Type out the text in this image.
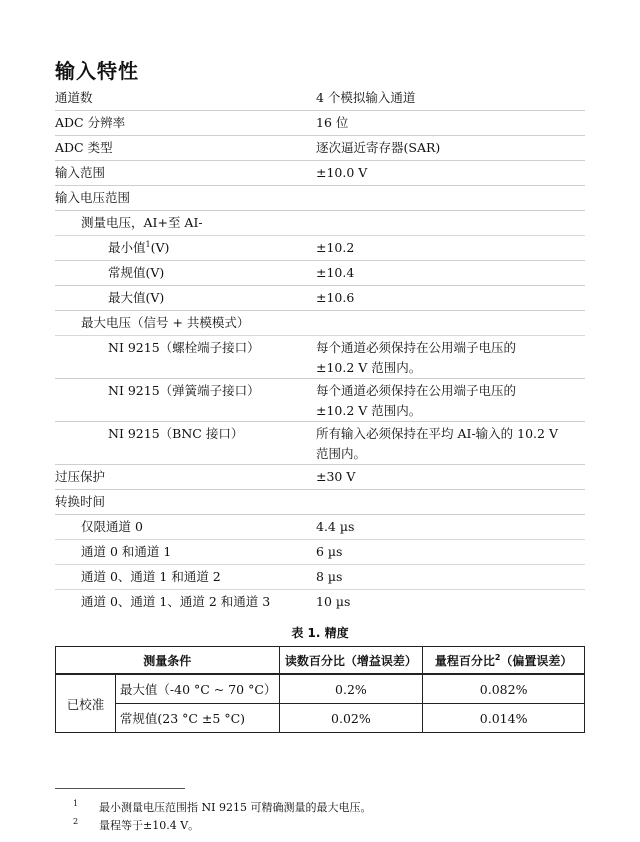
输入特性
通道数	4 个模拟输入通道
ADC 分辨率	16 位
ADC 类型	逐次逼近寄存器(SAR)
输入范围	±10.0 V
输入电压范围
测量电压，AI+至 AI-
最小值$^1$(V)	±10.2
常规值(V)	±10.4
最大值(V)	±10.6
最大电压（信号 + 共模模式）
NI 9215（螺栓端子接口）	每个通道必须保持在公用端子电压的
±10.2 V 范围内。
NI 9215（弹簧端子接口）	每个通道必须保持在公用端子电压的
±10.2 V 范围内。
NI 9215（BNC 接口）	所有输入必须保持在平均 AI-输入的 10.2 V
范围内。
过压保护	±30 V
转换时间
仅限通道 0	4.4 µs
通道 0 和通道 1	6 µs
通道 0、通道 1 和通道 2	8 µs
通道 0、通道 1、通道 2 和通道 3	10 µs
表 1. 精度
测量条件		读数百分比（增益误差）	量程百分比$^2$（偏置误差）
已校准	最大值（-40 °C ~ 70 °C）	0.2%	0.082%
	常规值(23 °C ±5 °C)	0.02%	0.014%
1 最小测量电压范围指 NI 9215 可精确测量的最大电压。
2 量程等于±10.4 V。
